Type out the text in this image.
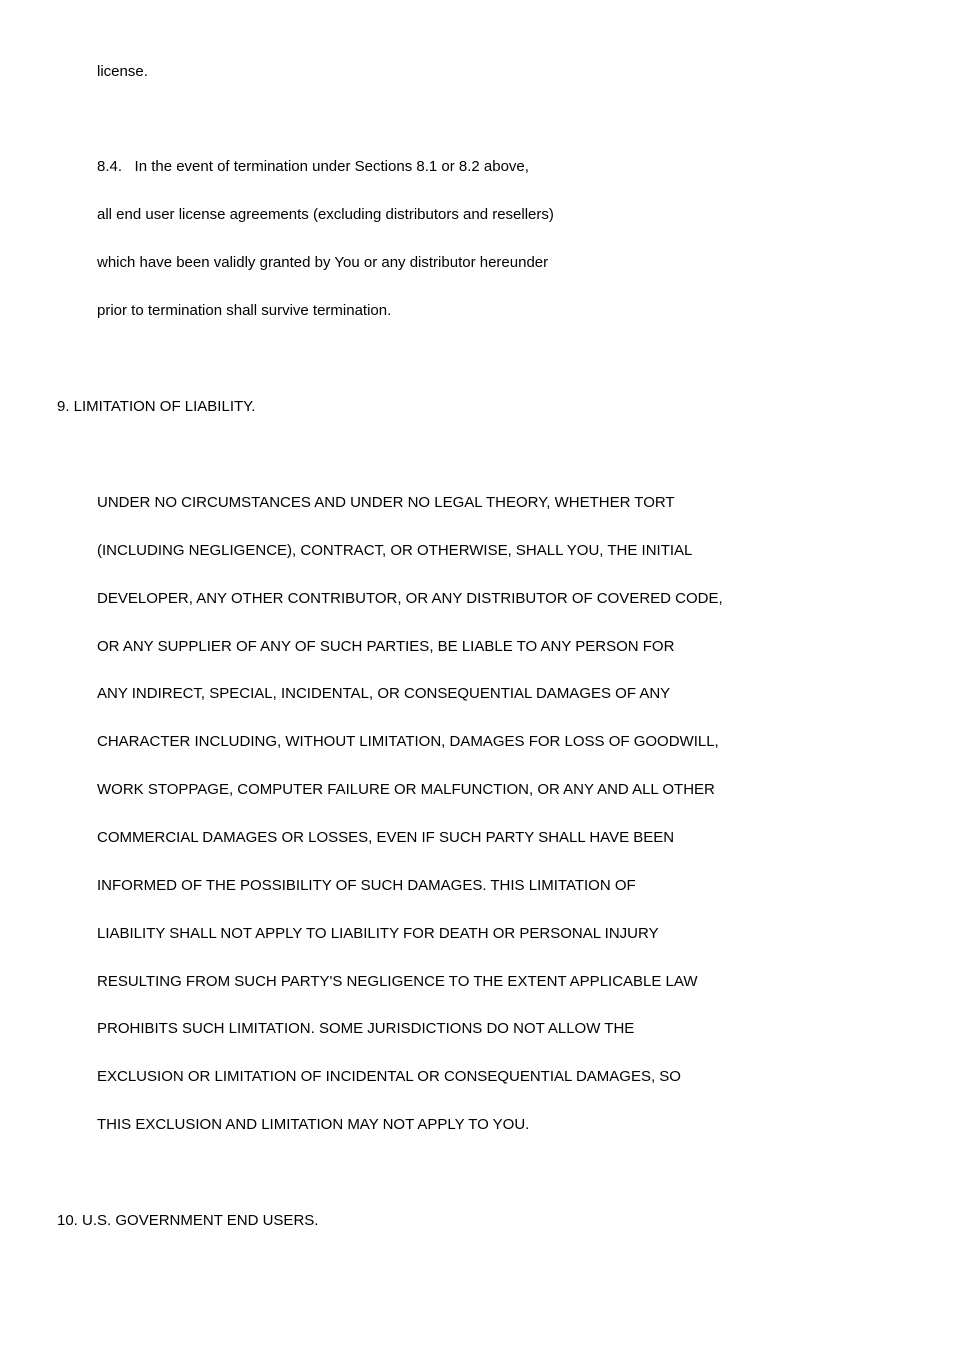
license.
8.4.   In the event of termination under Sections 8.1 or 8.2 above,
all end user license agreements (excluding distributors and resellers)
which have been validly granted by You or any distributor hereunder
prior to termination shall survive termination.
9. LIMITATION OF LIABILITY.
UNDER NO CIRCUMSTANCES AND UNDER NO LEGAL THEORY, WHETHER TORT
(INCLUDING NEGLIGENCE), CONTRACT, OR OTHERWISE, SHALL YOU, THE INITIAL
DEVELOPER, ANY OTHER CONTRIBUTOR, OR ANY DISTRIBUTOR OF COVERED CODE,
OR ANY SUPPLIER OF ANY OF SUCH PARTIES, BE LIABLE TO ANY PERSON FOR
ANY INDIRECT, SPECIAL, INCIDENTAL, OR CONSEQUENTIAL DAMAGES OF ANY
CHARACTER INCLUDING, WITHOUT LIMITATION, DAMAGES FOR LOSS OF GOODWILL,
WORK STOPPAGE, COMPUTER FAILURE OR MALFUNCTION, OR ANY AND ALL OTHER
COMMERCIAL DAMAGES OR LOSSES, EVEN IF SUCH PARTY SHALL HAVE BEEN
INFORMED OF THE POSSIBILITY OF SUCH DAMAGES. THIS LIMITATION OF
LIABILITY SHALL NOT APPLY TO LIABILITY FOR DEATH OR PERSONAL INJURY
RESULTING FROM SUCH PARTY'S NEGLIGENCE TO THE EXTENT APPLICABLE LAW
PROHIBITS SUCH LIMITATION. SOME JURISDICTIONS DO NOT ALLOW THE
EXCLUSION OR LIMITATION OF INCIDENTAL OR CONSEQUENTIAL DAMAGES, SO
THIS EXCLUSION AND LIMITATION MAY NOT APPLY TO YOU.
10. U.S. GOVERNMENT END USERS.
